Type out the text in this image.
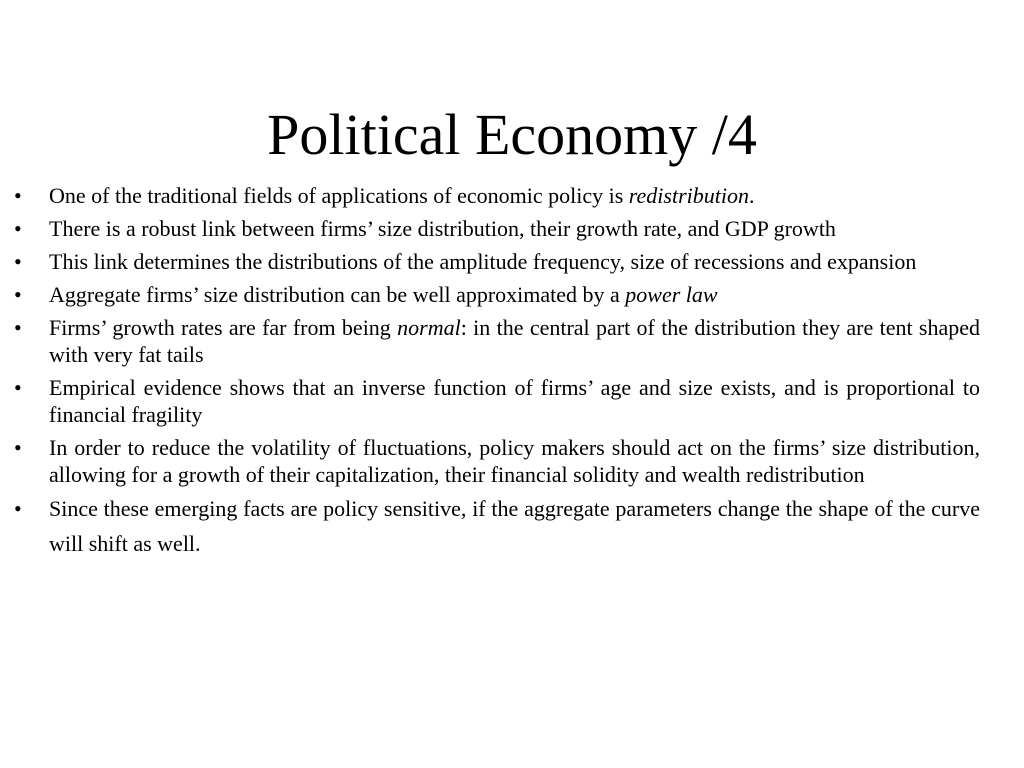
Political Economy /4
•	One of the traditional fields of applications of economic policy is redistribution.
•	There is a robust link between firms’ size distribution, their growth rate, and GDP growth
•	This link determines the distributions of the amplitude frequency, size of recessions and expansion
•	Aggregate firms’ size distribution can be well approximated by a power law
•	Firms’ growth rates are far from being normal: in the central part of the distribution they are tent shaped with very fat tails
•	Empirical evidence shows that an inverse function of firms’ age and size exists, and is proportional to financial fragility
•	In order to reduce the volatility of fluctuations, policy makers should act on the firms’ size distribution, allowing for a growth of their capitalization, their financial solidity and wealth redistribution
•	Since these emerging facts are policy sensitive, if the aggregate parameters change the shape of the curve will shift as well.
